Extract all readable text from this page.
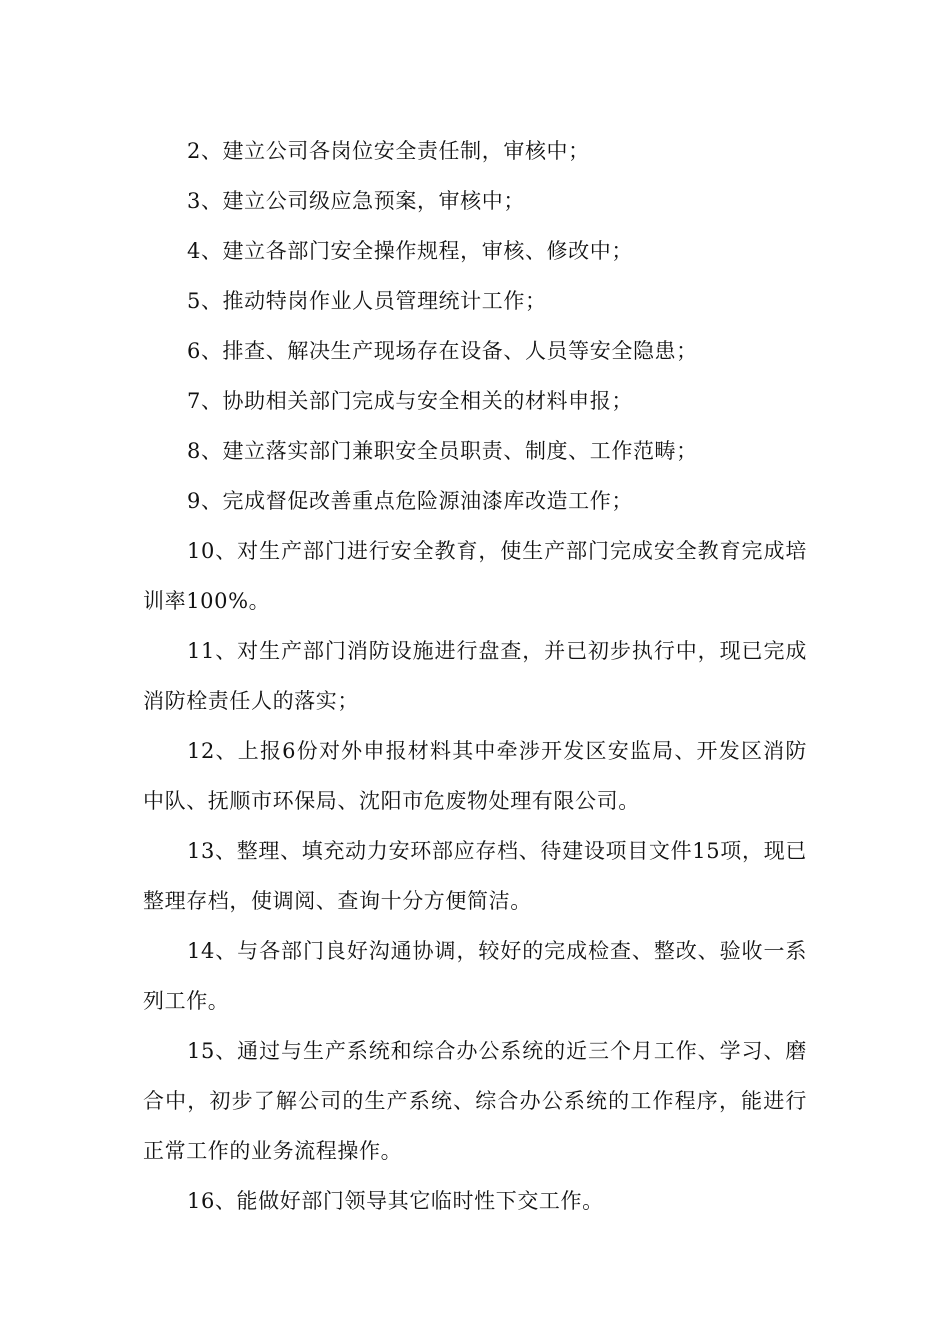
2、建立公司各岗位安全责任制，审核中；

3、建立公司级应急预案，审核中；

4、建立各部门安全操作规程，审核、修改中；

5、推动特岗作业人员管理统计工作；

6、排查、解决生产现场存在设备、人员等安全隐患；

7、协助相关部门完成与安全相关的材料申报；

8、建立落实部门兼职安全员职责、制度、工作范畴；

9、完成督促改善重点危险源油漆库改造工作；

10、对生产部门进行安全教育，使生产部门完成安全教育完成培训率100%。

11、对生产部门消防设施进行盘查，并已初步执行中，现已完成消防栓责任人的落实；

12、上报6份对外申报材料其中牵涉开发区安监局、开发区消防中队、抚顺市环保局、沈阳市危废物处理有限公司。

13、整理、填充动力安环部应存档、待建设项目文件15项，现已整理存档，使调阅、查询十分方便简洁。

14、与各部门良好沟通协调，较好的完成检查、整改、验收一系列工作。

15、通过与生产系统和综合办公系统的近三个月工作、学习、磨合中，初步了解公司的生产系统、综合办公系统的工作程序，能进行正常工作的业务流程操作。

16、能做好部门领导其它临时性下交工作。
